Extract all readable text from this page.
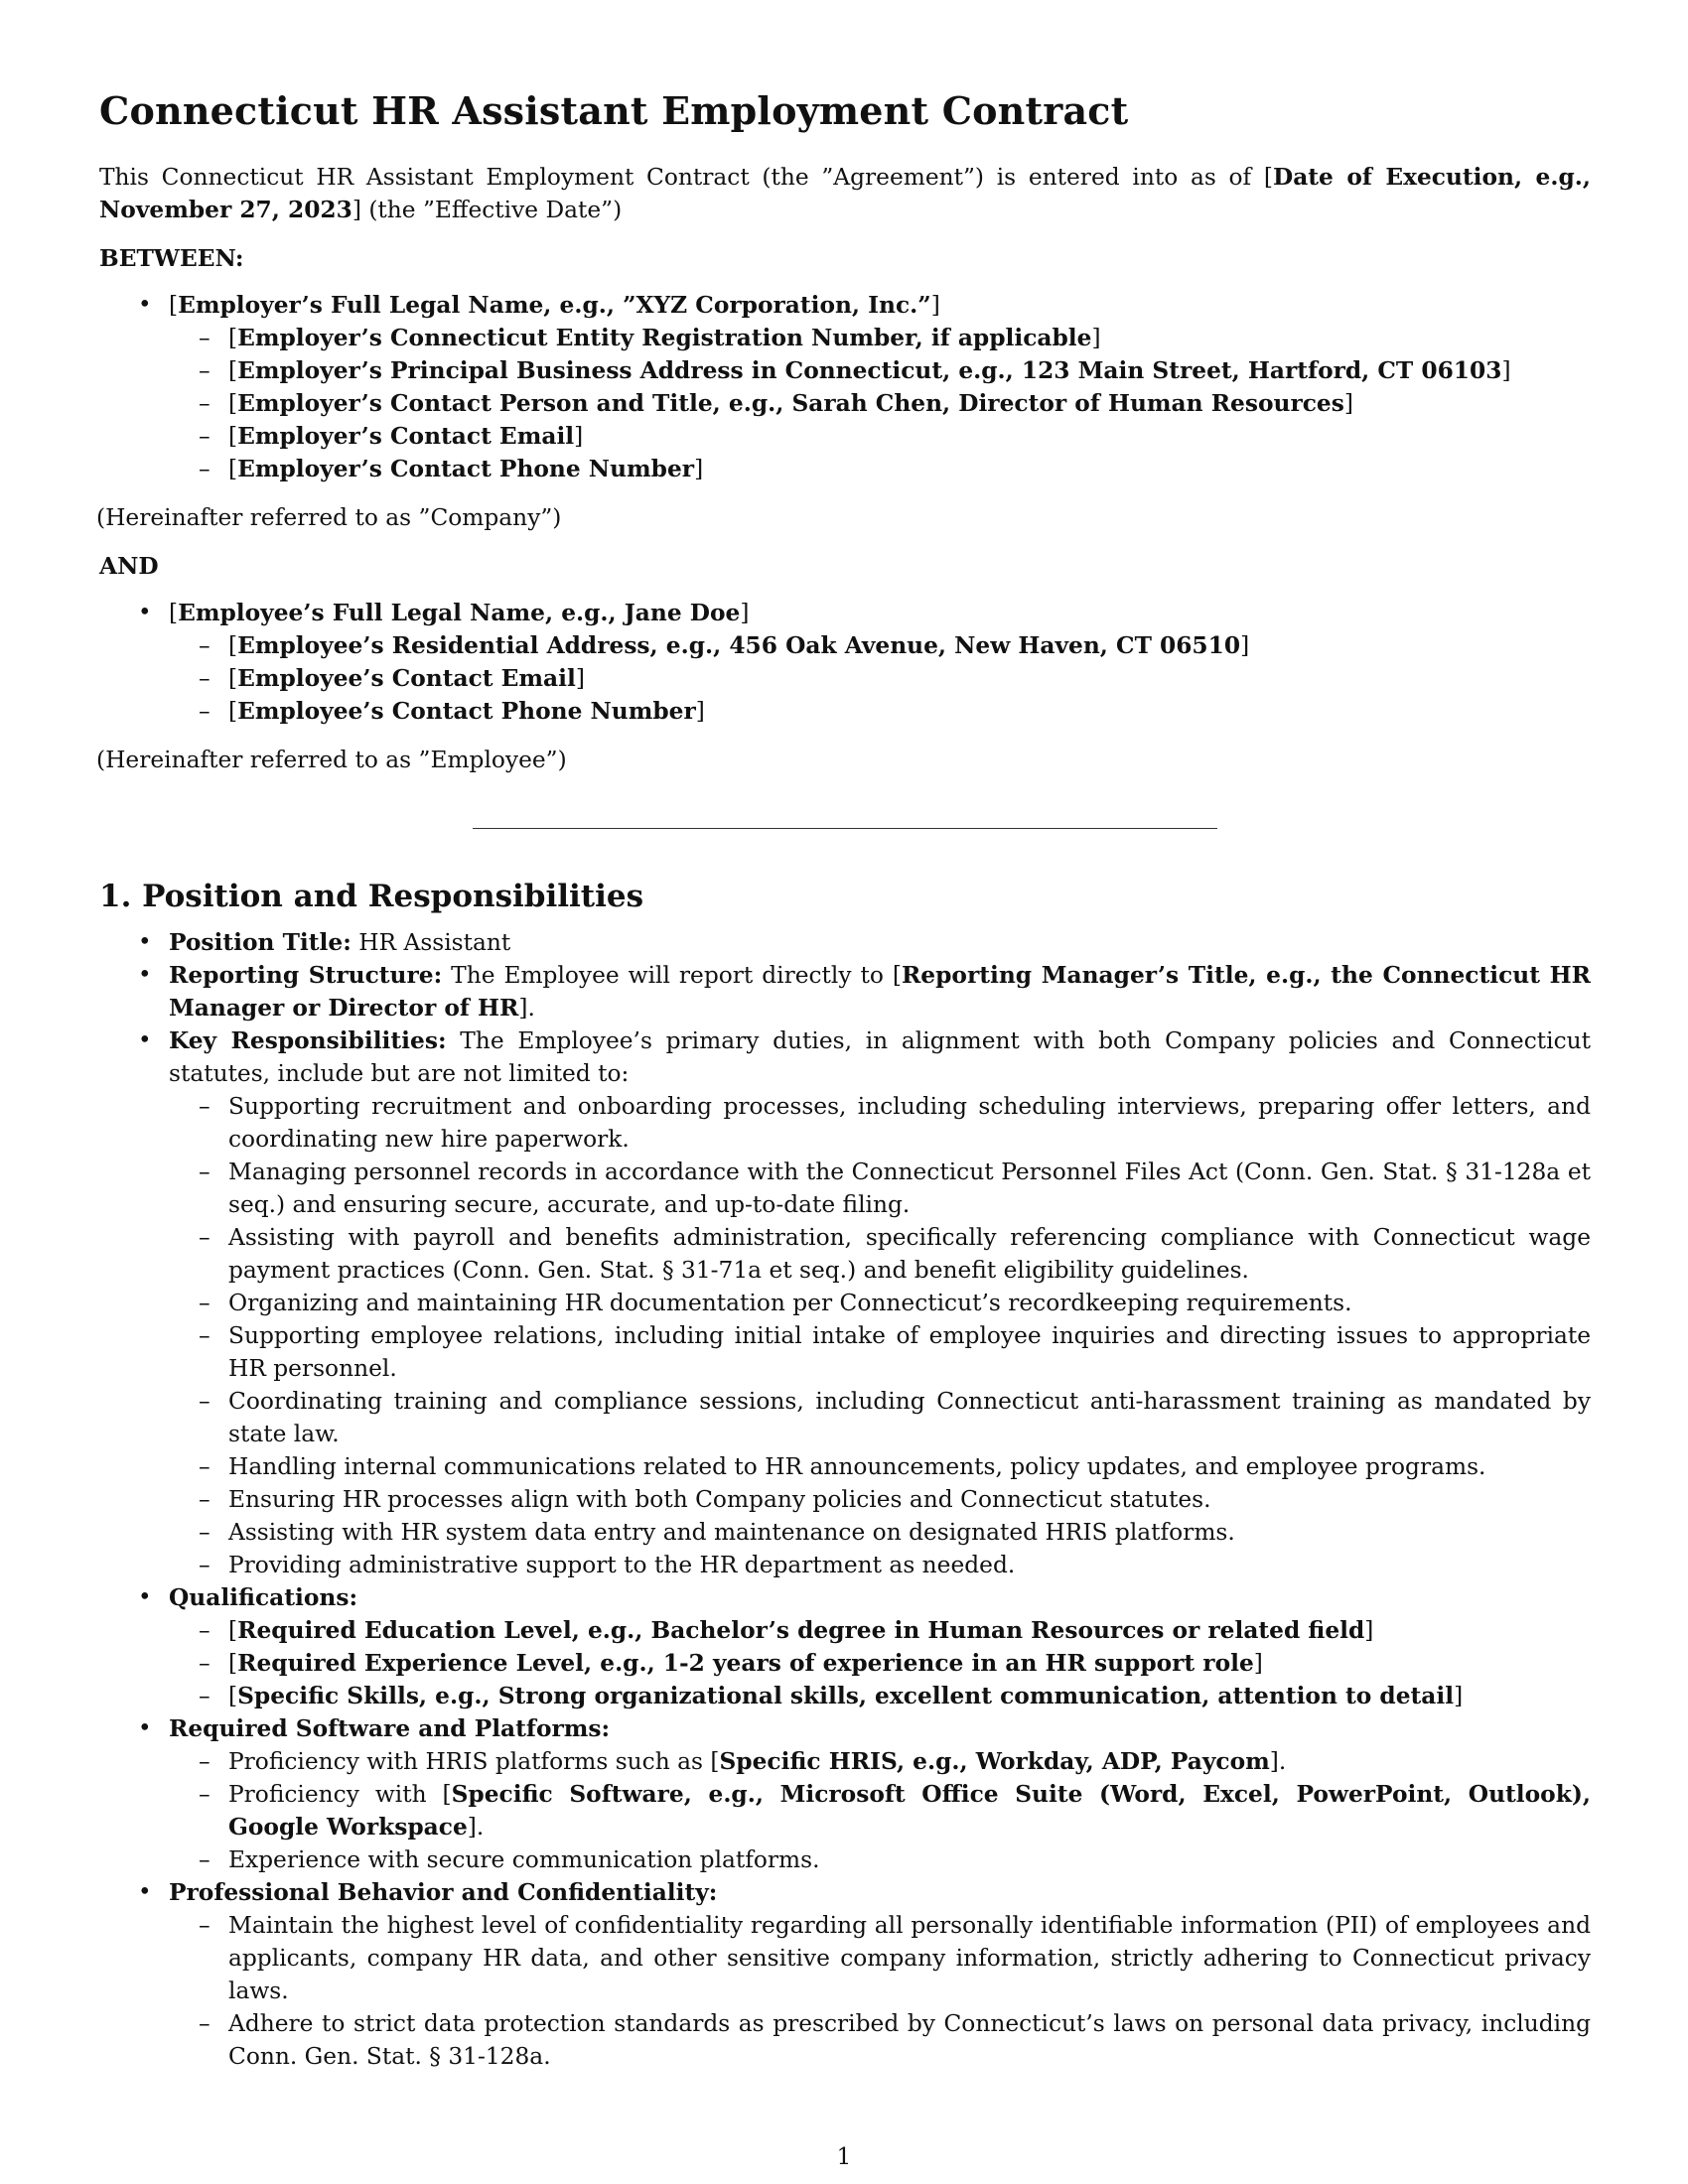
Connecticut HR Assistant Employment Contract

This Connecticut HR Assistant Employment Contract (the ”Agreement”) is entered into as of [Date of Execution, e.g., November 27, 2023] (the ”Effective Date”)

BETWEEN:
• [Employer’s Full Legal Name, e.g., ”XYZ Corporation, Inc.”]
– [Employer’s Connecticut Entity Registration Number, if applicable]
– [Employer’s Principal Business Address in Connecticut, e.g., 123 Main Street, Hartford, CT 06103]
– [Employer’s Contact Person and Title, e.g., Sarah Chen, Director of Human Resources]
– [Employer’s Contact Email]
– [Employer’s Contact Phone Number]

(Hereinafter referred to as ”Company”)

AND
• [Employee’s Full Legal Name, e.g., Jane Doe]
– [Employee’s Residential Address, e.g., 456 Oak Avenue, New Haven, CT 06510]
– [Employee’s Contact Email]
– [Employee’s Contact Phone Number]

(Hereinafter referred to as ”Employee”)

1. Position and Responsibilities
• Position Title: HR Assistant
• Reporting Structure: The Employee will report directly to [Reporting Manager’s Title, e.g., the Connecticut HR Manager or Director of HR].
• Key Responsibilities: The Employee’s primary duties, in alignment with both Company policies and Connecticut statutes, include but are not limited to:
– Supporting recruitment and onboarding processes, including scheduling interviews, preparing offer letters, and coordinating new hire paperwork.
– Managing personnel records in accordance with the Connecticut Personnel Files Act (Conn. Gen. Stat. § 31-128a et seq.) and ensuring secure, accurate, and up-to-date filing.
– Assisting with payroll and benefits administration, specifically referencing compliance with Connecticut wage payment practices (Conn. Gen. Stat. § 31-71a et seq.) and benefit eligibility guidelines.
– Organizing and maintaining HR documentation per Connecticut’s recordkeeping requirements.
– Supporting employee relations, including initial intake of employee inquiries and directing issues to appropriate HR personnel.
– Coordinating training and compliance sessions, including Connecticut anti-harassment training as mandated by state law.
– Handling internal communications related to HR announcements, policy updates, and employee programs.
– Ensuring HR processes align with both Company policies and Connecticut statutes.
– Assisting with HR system data entry and maintenance on designated HRIS platforms.
– Providing administrative support to the HR department as needed.
• Qualifications:
– [Required Education Level, e.g., Bachelor’s degree in Human Resources or related field]
– [Required Experience Level, e.g., 1-2 years of experience in an HR support role]
– [Specific Skills, e.g., Strong organizational skills, excellent communication, attention to detail]
• Required Software and Platforms:
– Proficiency with HRIS platforms such as [Specific HRIS, e.g., Workday, ADP, Paycom].
– Proficiency with [Specific Software, e.g., Microsoft Office Suite (Word, Excel, PowerPoint, Outlook), Google Workspace].
– Experience with secure communication platforms.
• Professional Behavior and Confidentiality:
– Maintain the highest level of confidentiality regarding all personally identifiable information (PII) of employees and applicants, company HR data, and other sensitive company information, strictly adhering to Connecticut privacy laws.
– Adhere to strict data protection standards as prescribed by Connecticut’s laws on personal data privacy, including Conn. Gen. Stat. § 31-128a.
1
